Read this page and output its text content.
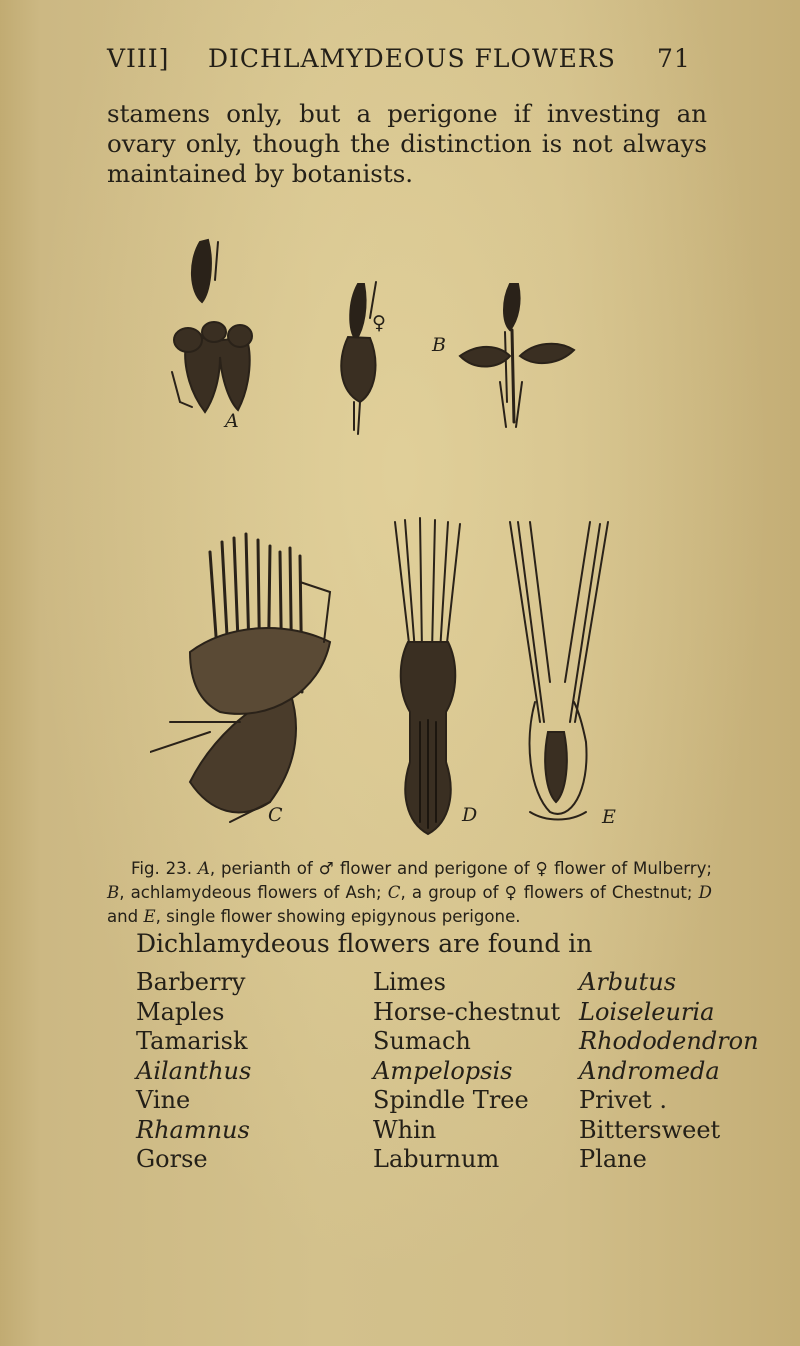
VIII] DICHLAMYDEOUS FLOWERS 71

stamens only, but a perigone if investing an ovary only, though the distinction is not always maintained by botanists.

A
♀
B
C	D	E

Fig. 23. A, perianth of ♂ flower and perigone of ♀ flower of Mulberry; B, achlamydeous flowers of Ash; C, a group of ♀ flowers of Chestnut; D and E, single flower showing epigynous perigone.

Dichlamydeous flowers are found in

Barberry
Maples
Tamarisk
Ailanthus
Vine
Rhamnus
Gorse
Limes
Horse-chestnut
Sumach
Ampelopsis
Spindle Tree
Whin
Laburnum
Arbutus
Loiseleuria
Rhododendron
Andromeda
Privet .
Bittersweet
Plane
